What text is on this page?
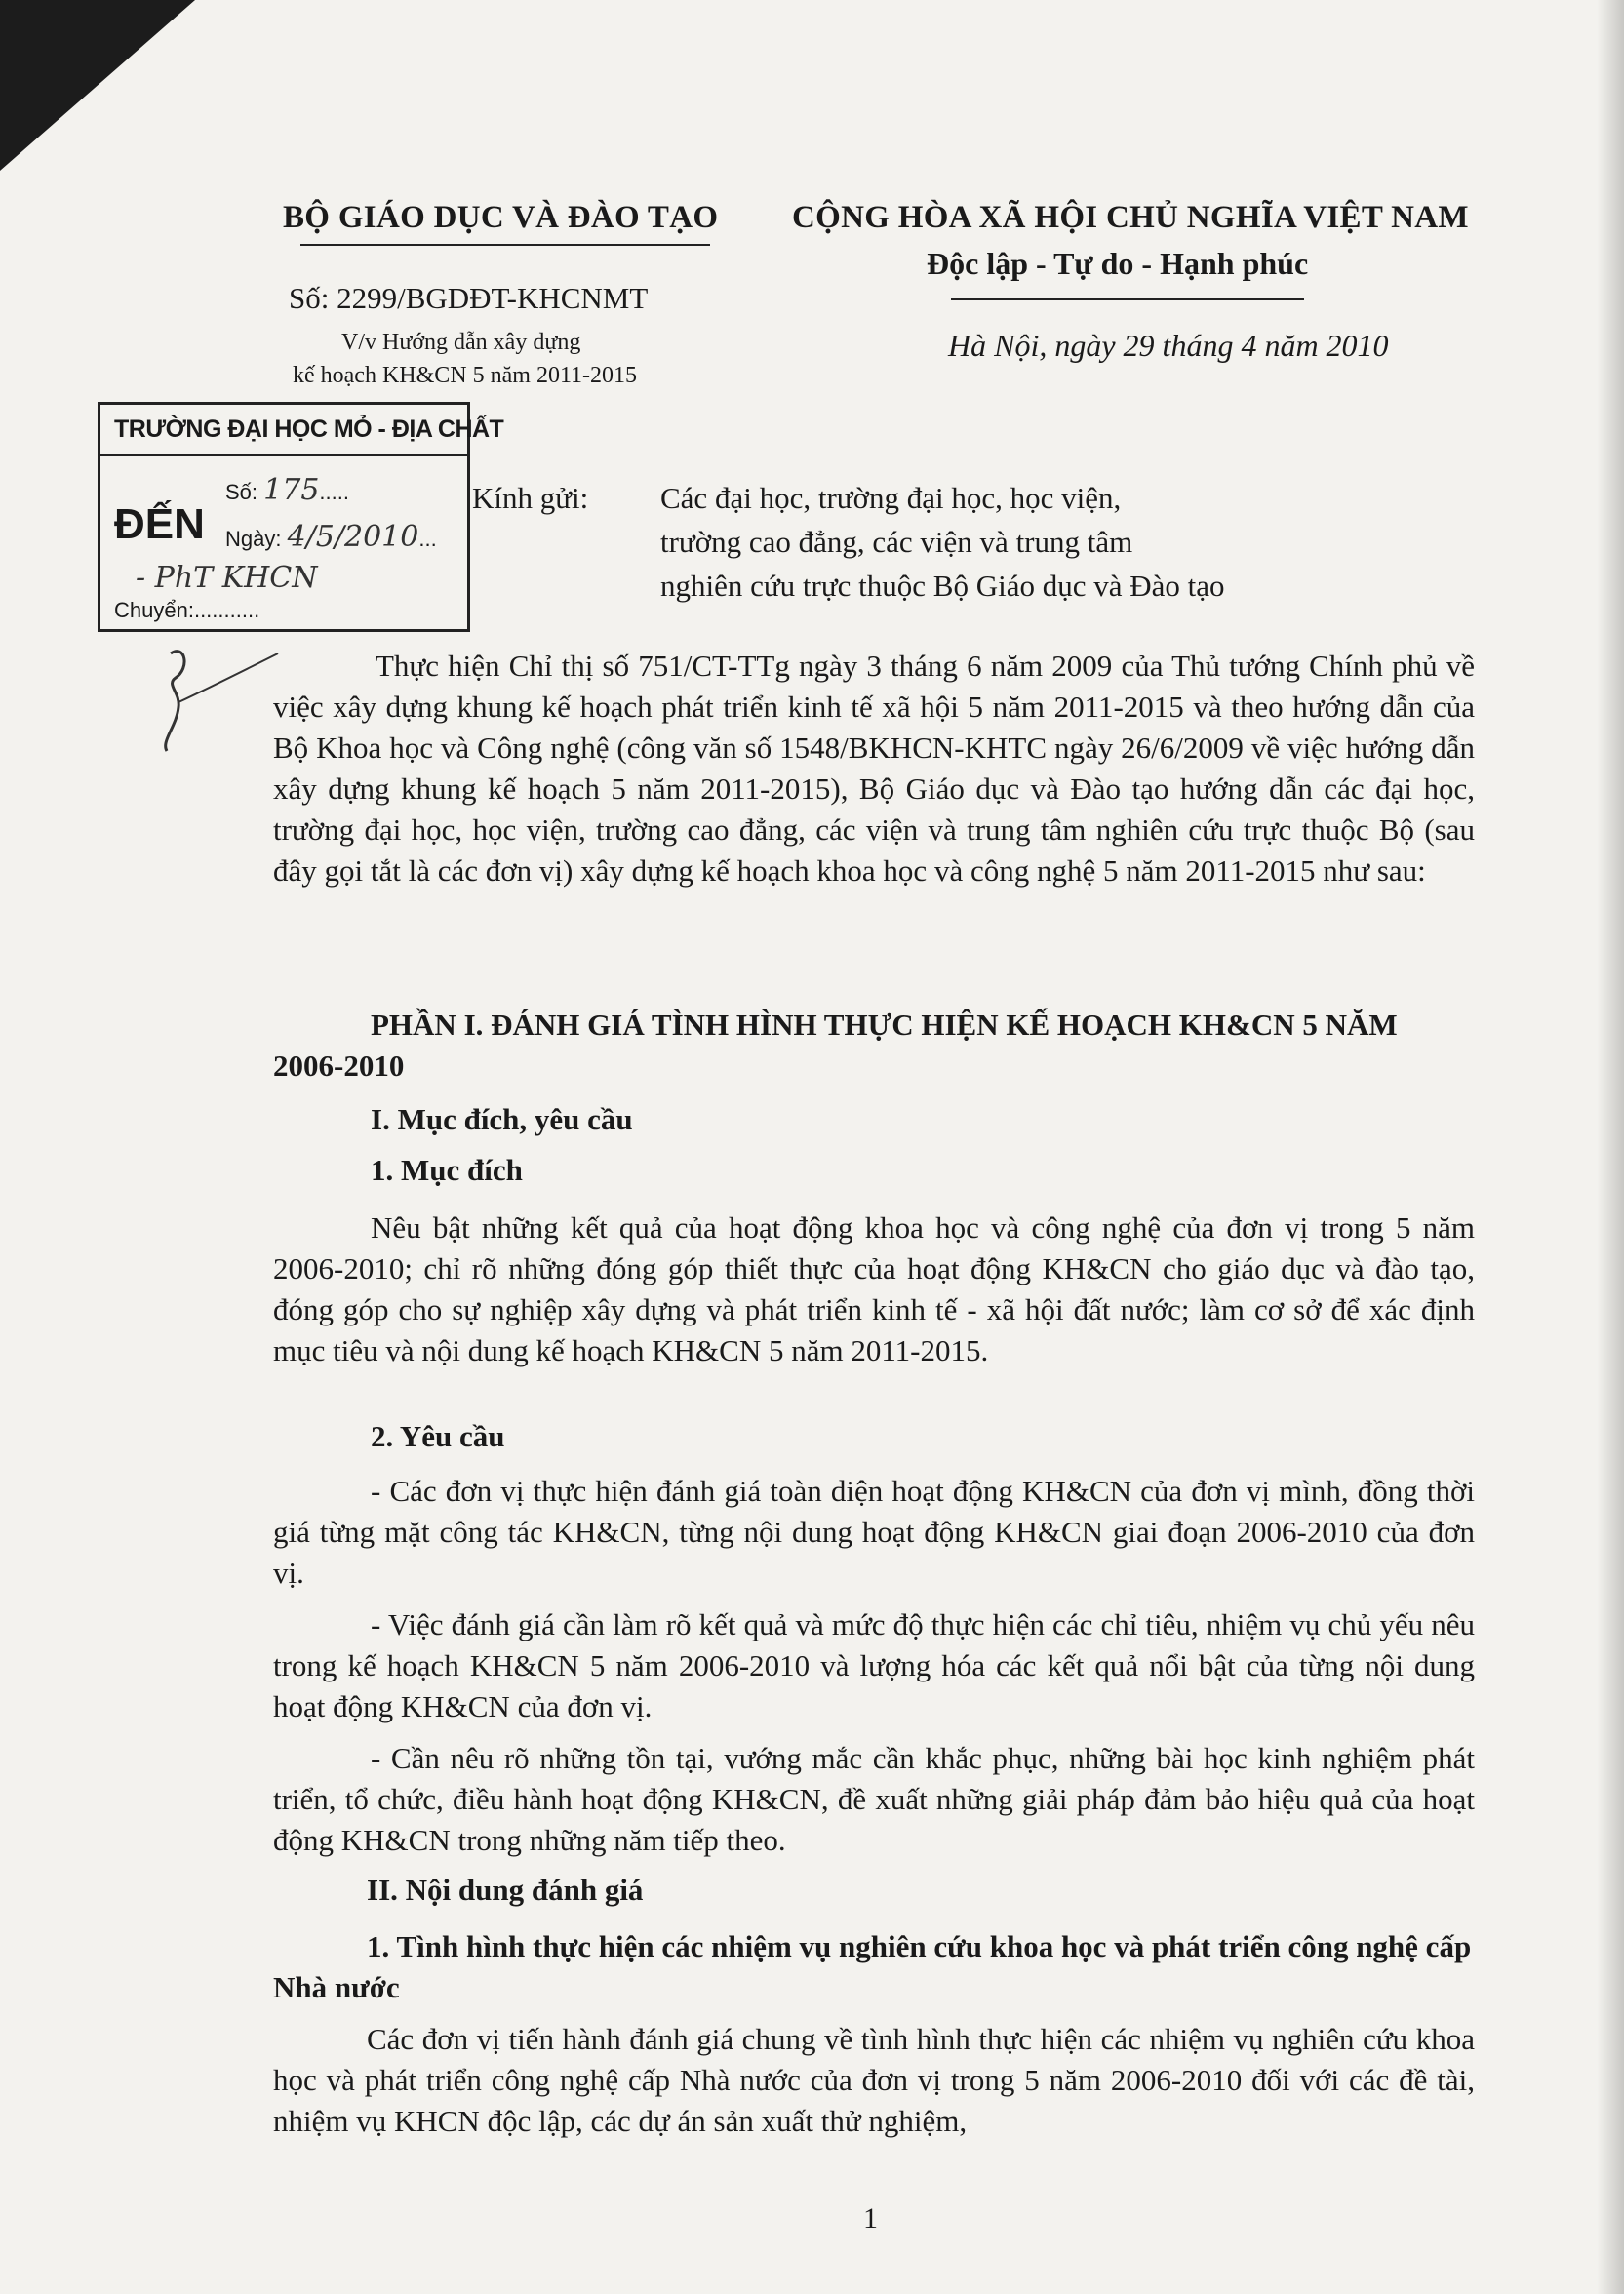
BỘ GIÁO DỤC VÀ ĐÀO TẠO
Số: 2299/BGDĐT-KHCNMT
V/v Hướng dẫn xây dựng
kế hoạch KH&CN 5 năm 2011-2015
CỘNG HÒA XÃ HỘI CHỦ NGHĨA VIỆT NAM
Độc lập - Tự do - Hạnh phúc
Hà Nội, ngày 29 tháng 4 năm 2010
TRƯỜNG ĐẠI HỌC MỎ - ĐỊA CHẤT
Số: 175.....
ĐẾN Ngày: 4/5/2010...
- PhT KHCN
Chuyển:...........
Kính gửi: Các đại học, trường đại học, học viện,
trường cao đẳng, các viện và trung tâm
nghiên cứu trực thuộc Bộ Giáo dục và Đào tạo
Thực hiện Chỉ thị số 751/CT-TTg ngày 3 tháng 6 năm 2009 của Thủ tướng Chính phủ về việc xây dựng khung kế hoạch phát triển kinh tế xã hội 5 năm 2011-2015 và theo hướng dẫn của Bộ Khoa học và Công nghệ (công văn số 1548/BKHCN-KHTC ngày 26/6/2009 về việc hướng dẫn xây dựng khung kế hoạch 5 năm 2011-2015), Bộ Giáo dục và Đào tạo hướng dẫn các đại học, trường đại học, học viện, trường cao đẳng, các viện và trung tâm nghiên cứu trực thuộc Bộ (sau đây gọi tắt là các đơn vị) xây dựng kế hoạch khoa học và công nghệ 5 năm 2011-2015 như sau:
PHẦN I. ĐÁNH GIÁ TÌNH HÌNH THỰC HIỆN KẾ HOẠCH KH&CN 5 NĂM 2006-2010
I. Mục đích, yêu cầu
1. Mục đích
Nêu bật những kết quả của hoạt động khoa học và công nghệ của đơn vị trong 5 năm 2006-2010; chỉ rõ những đóng góp thiết thực của hoạt động KH&CN cho giáo dục và đào tạo, đóng góp cho sự nghiệp xây dựng và phát triển kinh tế - xã hội đất nước; làm cơ sở để xác định mục tiêu và nội dung kế hoạch KH&CN 5 năm 2011-2015.
2. Yêu cầu
- Các đơn vị thực hiện đánh giá toàn diện hoạt động KH&CN của đơn vị mình, đồng thời giá từng mặt công tác KH&CN, từng nội dung hoạt động KH&CN giai đoạn 2006-2010 của đơn vị.
- Việc đánh giá cần làm rõ kết quả và mức độ thực hiện các chỉ tiêu, nhiệm vụ chủ yếu nêu trong kế hoạch KH&CN 5 năm 2006-2010 và lượng hóa các kết quả nổi bật của từng nội dung hoạt động KH&CN của đơn vị.
- Cần nêu rõ những tồn tại, vướng mắc cần khắc phục, những bài học kinh nghiệm phát triển, tổ chức, điều hành hoạt động KH&CN, đề xuất những giải pháp đảm bảo hiệu quả của hoạt động KH&CN trong những năm tiếp theo.
II. Nội dung đánh giá
1. Tình hình thực hiện các nhiệm vụ nghiên cứu khoa học và phát triển công nghệ cấp Nhà nước
Các đơn vị tiến hành đánh giá chung về tình hình thực hiện các nhiệm vụ nghiên cứu khoa học và phát triển công nghệ cấp Nhà nước của đơn vị trong 5 năm 2006-2010 đối với các đề tài, nhiệm vụ KHCN độc lập, các dự án sản xuất thử nghiệm,
1
